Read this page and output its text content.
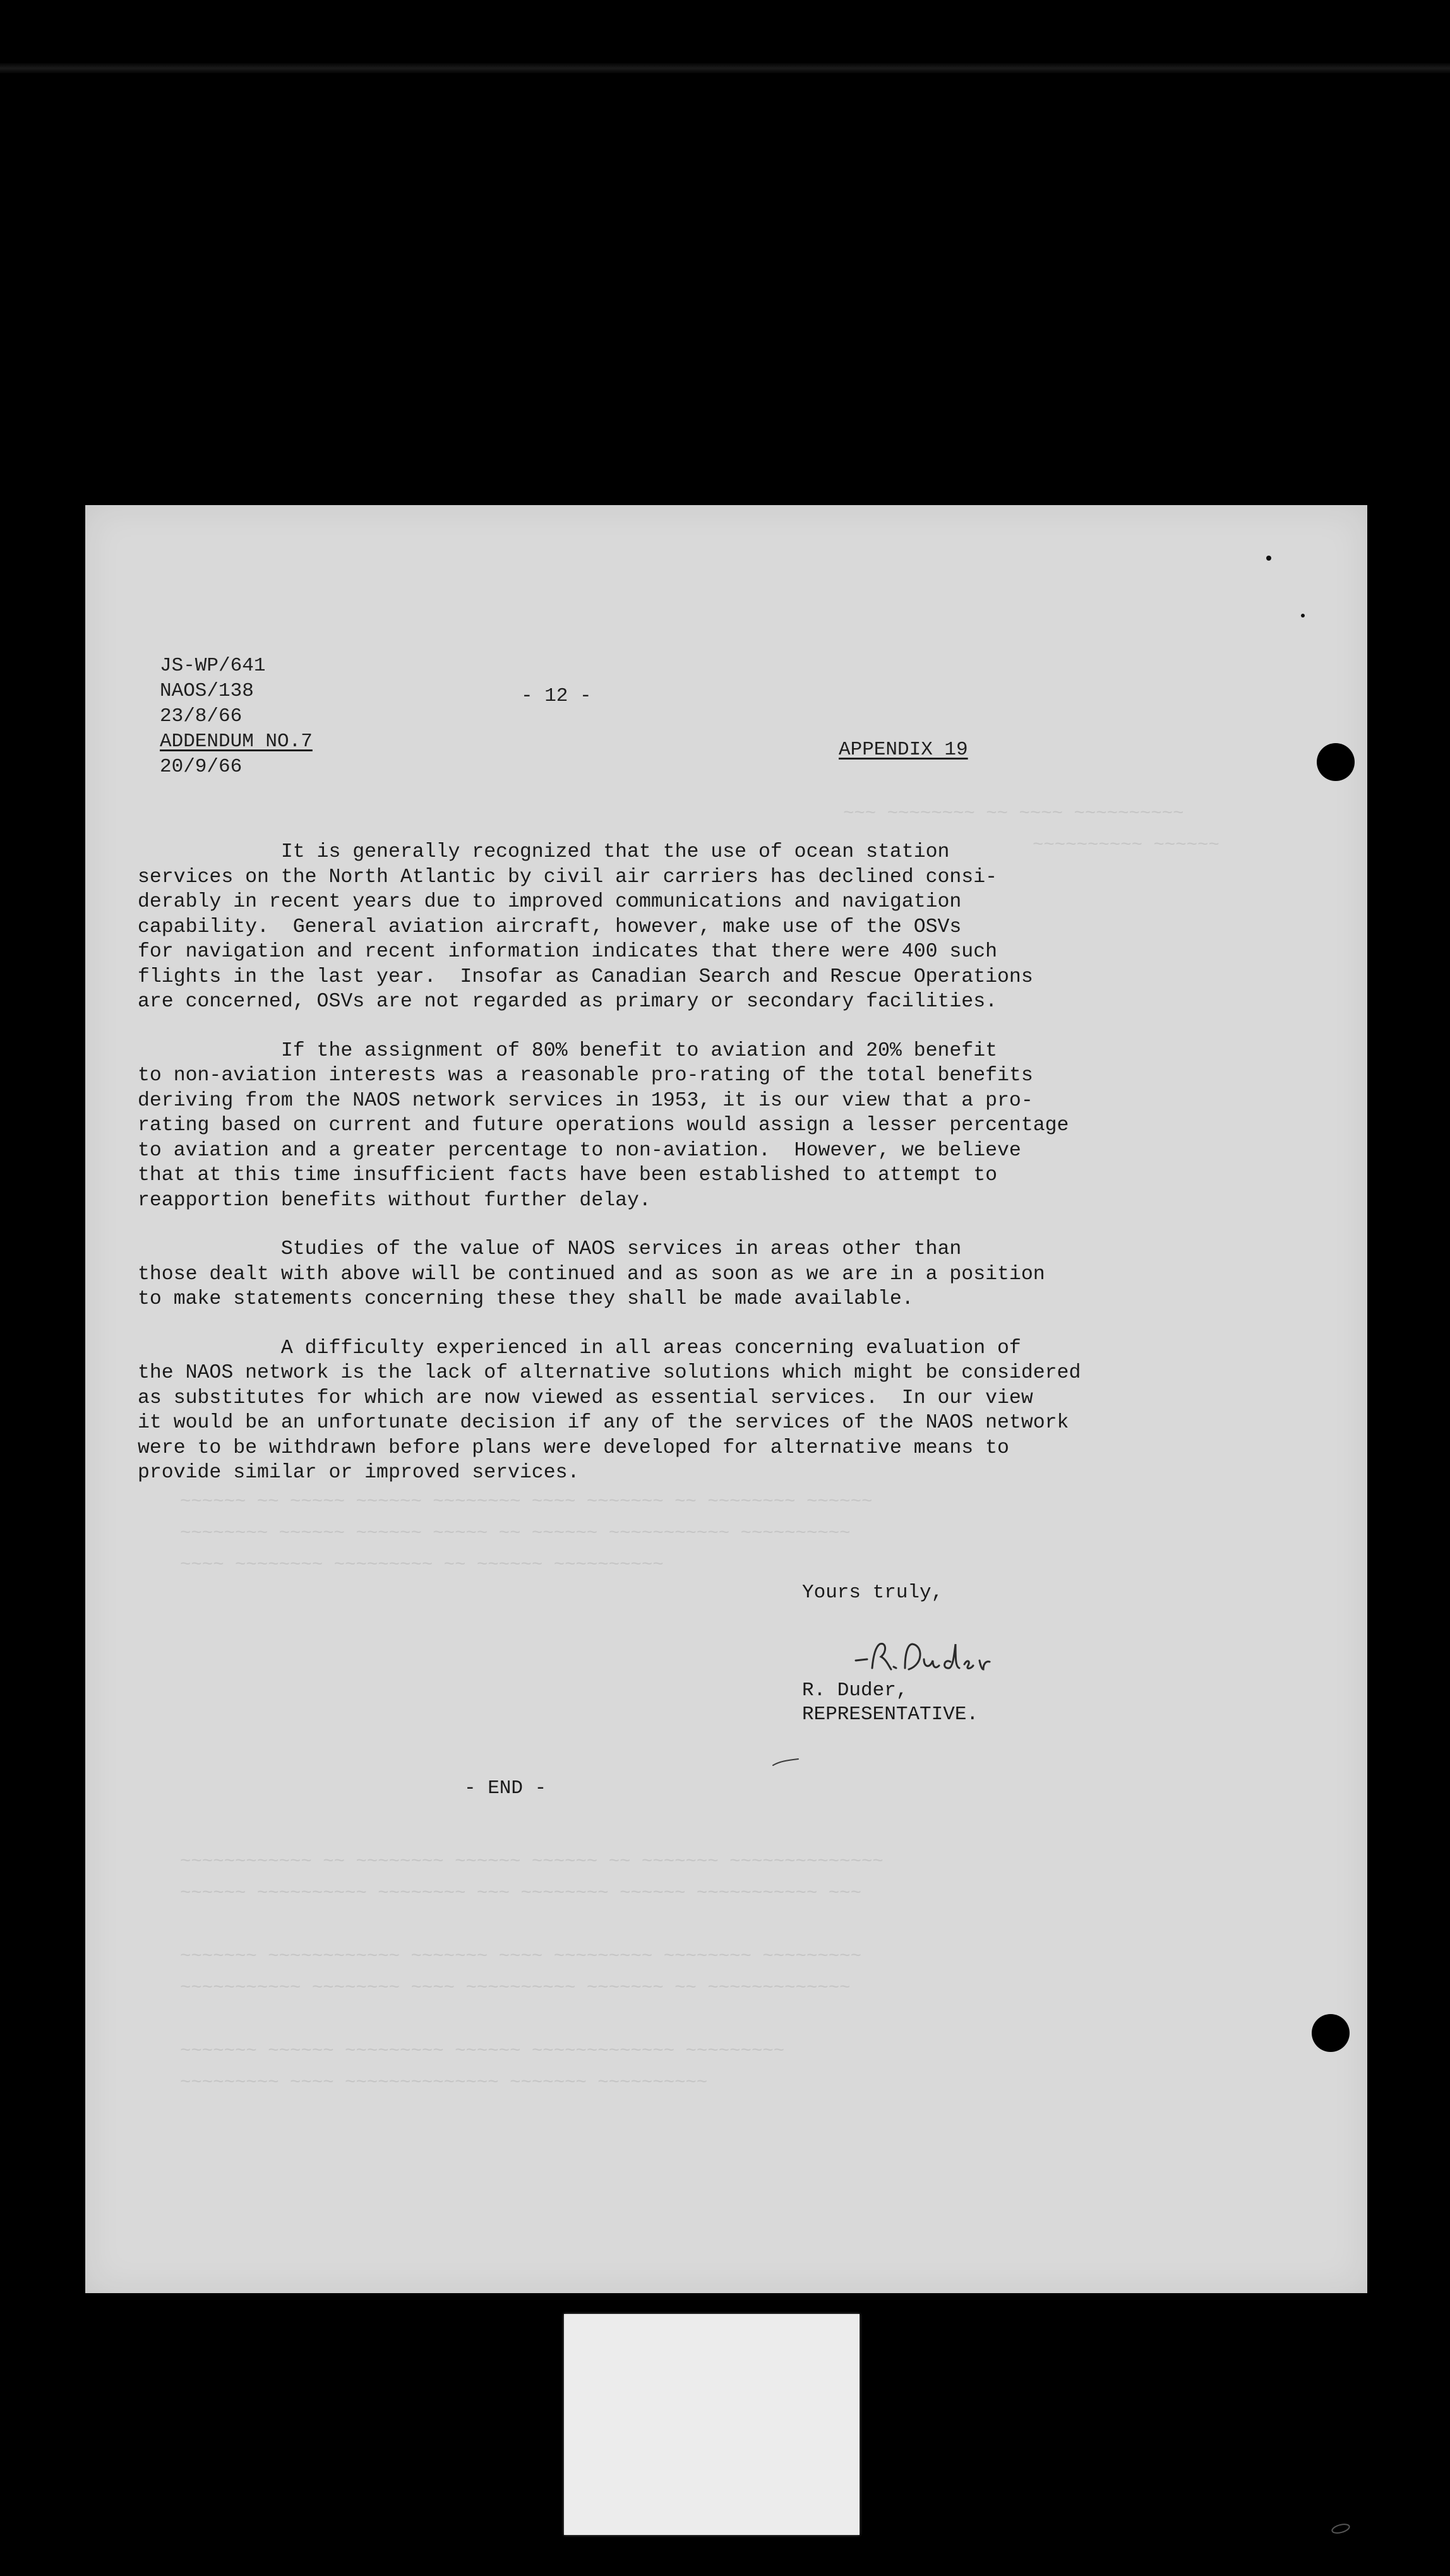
~~~ ~~~~~~~~ ~~ ~~~~ ~~~~~~~~~~
~~~~~~~~~~ ~~~~~~
~~~~~~ ~~ ~~~~~ ~~~~~~ ~~~~~~~~ ~~~~ ~~~~~~~ ~~ ~~~~~~~~ ~~~~~~
~~~~~~~~ ~~~~~~ ~~~~~~ ~~~~~ ~~ ~~~~~~ ~~~~~~~~~~~ ~~~~~~~~~~
~~~~ ~~~~~~~~ ~~~~~~~~~ ~~ ~~~~~~ ~~~~~~~~~~
~~~~~~~~~~~~ ~~ ~~~~~~~~ ~~~~~~ ~~~~~~ ~~ ~~~~~~~ ~~~~~~~~~~~~~~
~~~~~~ ~~~~~~~~~~ ~~~~~~~~ ~~~ ~~~~~~~~ ~~~~~~ ~~~~~~~~~~~ ~~~
~~~~~~~ ~~~~~~~~~~~~ ~~~~~~~ ~~~~ ~~~~~~~~~ ~~~~~~~~ ~~~~~~~~~
~~~~~~~~~~~ ~~~~~~~~ ~~~~ ~~~~~~~~~~ ~~~~~~~ ~~ ~~~~~~~~~~~~~
~~~~~~~ ~~~~~~ ~~~~~~~~~ ~~~~~~ ~~~~~~~~~~~~~ ~~~~~~~~~
~~~~~~~~~ ~~~~ ~~~~~~~~~~~~~~ ~~~~~~~ ~~~~~~~~~~
JS-WP/641
NAOS/138
23/8/66
ADDENDUM NO.7
20/9/66
- 12 -
APPENDIX 19
It is generally recognized that the use of ocean station
services on the North Atlantic by civil air carriers has declined consi-
derably in recent years due to improved communications and navigation
capability.  General aviation aircraft, however, make use of the OSVs
for navigation and recent information indicates that there were 400 such
flights in the last year.  Insofar as Canadian Search and Rescue Operations
are concerned, OSVs are not regarded as primary or secondary facilities.
If the assignment of 80% benefit to aviation and 20% benefit
to non-aviation interests was a reasonable pro-rating of the total benefits
deriving from the NAOS network services in 1953, it is our view that a pro-
rating based on current and future operations would assign a lesser percentage
to aviation and a greater percentage to non-aviation.  However, we believe
that at this time insufficient facts have been established to attempt to
reapportion benefits without further delay.
Studies of the value of NAOS services in areas other than
those dealt with above will be continued and as soon as we are in a position
to make statements concerning these they shall be made available.
A difficulty experienced in all areas concerning evaluation of
the NAOS network is the lack of alternative solutions which might be considered
as substitutes for which are now viewed as essential services.  In our view
it would be an unfortunate decision if any of the services of the NAOS network
were to be withdrawn before plans were developed for alternative means to
provide similar or improved services.
Yours truly,
R. Duder,
REPRESENTATIVE.
- END -
